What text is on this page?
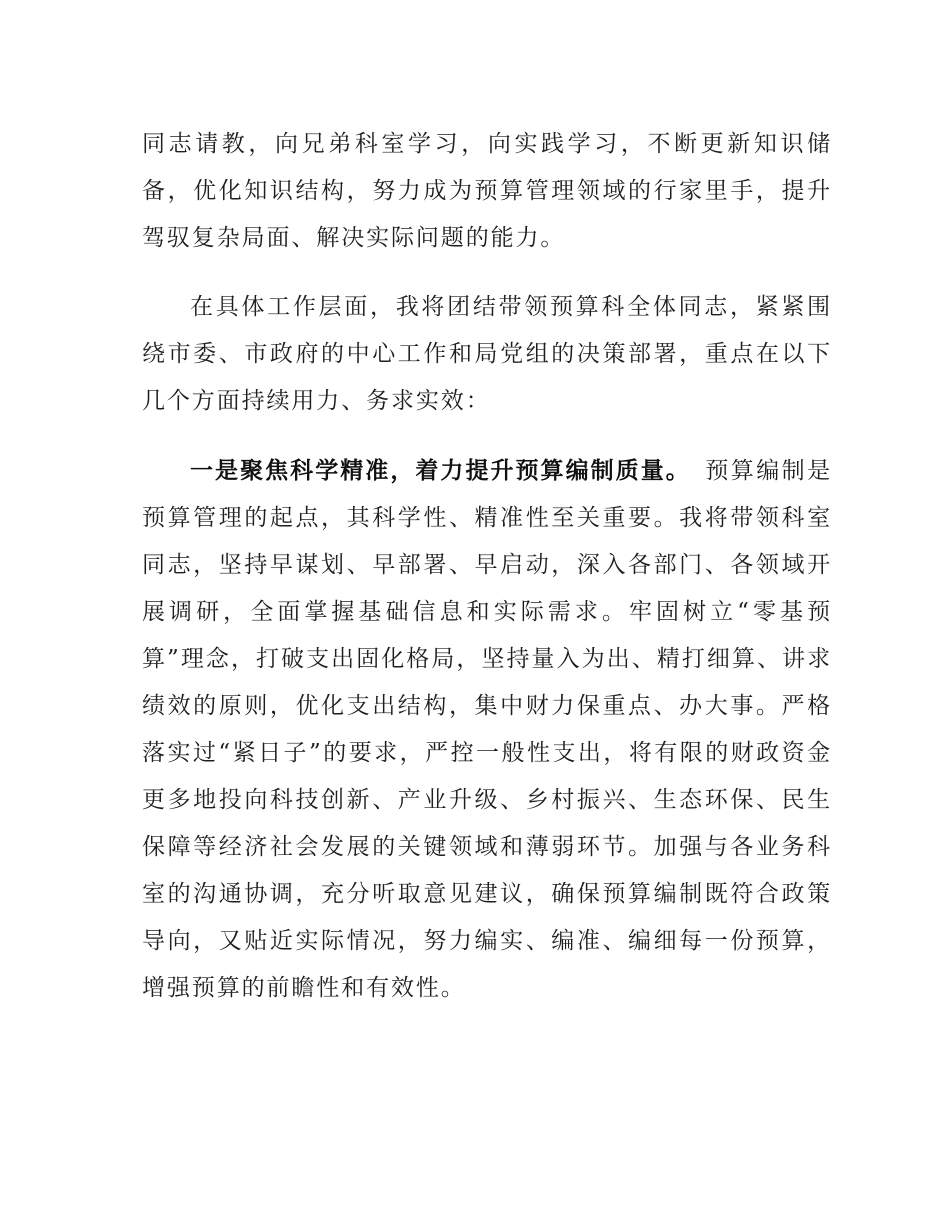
同志请教，向兄弟科室学习，向实践学习，不断更新知识储备，优化知识结构，努力成为预算管理领域的行家里手，提升驾驭复杂局面、解决实际问题的能力。

在具体工作层面，我将团结带领预算科全体同志，紧紧围绕市委、市政府的中心工作和局党组的决策部署，重点在以下几个方面持续用力、务求实效：

一是聚焦科学精准，着力提升预算编制质量。 预算编制是预算管理的起点，其科学性、精准性至关重要。我将带领科室同志，坚持早谋划、早部署、早启动，深入各部门、各领域开展调研，全面掌握基础信息和实际需求。牢固树立“零基预算”理念，打破支出固化格局，坚持量入为出、精打细算、讲求绩效的原则，优化支出结构，集中财力保重点、办大事。严格落实过“紧日子”的要求，严控一般性支出，将有限的财政资金更多地投向科技创新、产业升级、乡村振兴、生态环保、民生保障等经济社会发展的关键领域和薄弱环节。加强与各业务科室的沟通协调，充分听取意见建议，确保预算编制既符合政策导向，又贴近实际情况，努力编实、编准、编细每一份预算，增强预算的前瞻性和有效性。
